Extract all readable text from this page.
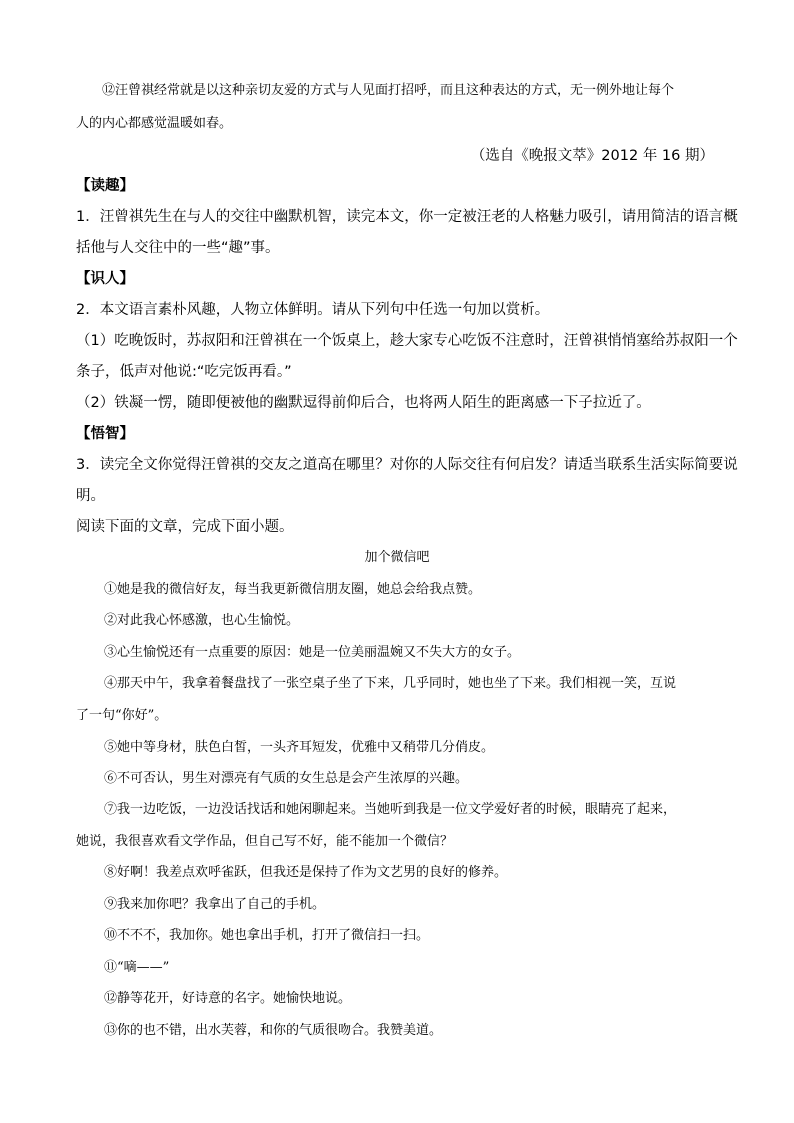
⑫汪曾祺经常就是以这种亲切友爱的方式与人见面打招呼，而且这种表达的方式，无一例外地让每个
人的内心都感觉温暖如春。
（选自《晚报文萃》2012 年 16 期）
【读趣】
1．汪曾祺先生在与人的交往中幽默机智，读完本文，你一定被汪老的人格魅力吸引，请用简洁的语言概
括他与人交往中的一些“趣”事。
【识人】
2．本文语言素朴风趣，人物立体鲜明。请从下列句中任选一句加以赏析。
（1）吃晚饭时，苏叔阳和汪曾祺在一个饭桌上，趁大家专心吃饭不注意时，汪曾祺悄悄塞给苏叔阳一个
条子，低声对他说:“吃完饭再看。”
（2）铁凝一愣，随即便被他的幽默逗得前仰后合，也将两人陌生的距离感一下子拉近了。
【悟智】
3．读完全文你觉得汪曾祺的交友之道高在哪里？对你的人际交往有何启发？请适当联系生活实际简要说
明。
阅读下面的文章，完成下面小题。
加个微信吧
①她是我的微信好友，每当我更新微信朋友圈，她总会给我点赞。
②对此我心怀感激，也心生愉悦。
③心生愉悦还有一点重要的原因：她是一位美丽温婉又不失大方的女子。
④那天中午，我拿着餐盘找了一张空桌子坐了下来，几乎同时，她也坐了下来。我们相视一笑，互说
了一句“你好”。
⑤她中等身材，肤色白皙，一头齐耳短发，优雅中又稍带几分俏皮。
⑥不可否认，男生对漂亮有气质的女生总是会产生浓厚的兴趣。
⑦我一边吃饭，一边没话找话和她闲聊起来。当她听到我是一位文学爱好者的时候，眼睛亮了起来，
她说，我很喜欢看文学作品，但自己写不好，能不能加一个微信？
⑧好啊！我差点欢呼雀跃，但我还是保持了作为文艺男的良好的修养。
⑨我来加你吧？我拿出了自己的手机。
⑩不不不，我加你。她也拿出手机，打开了微信扫一扫。
⑪“嘀——”
⑫静等花开，好诗意的名字。她愉快地说。
⑬你的也不错，出水芙蓉，和你的气质很吻合。我赞美道。
